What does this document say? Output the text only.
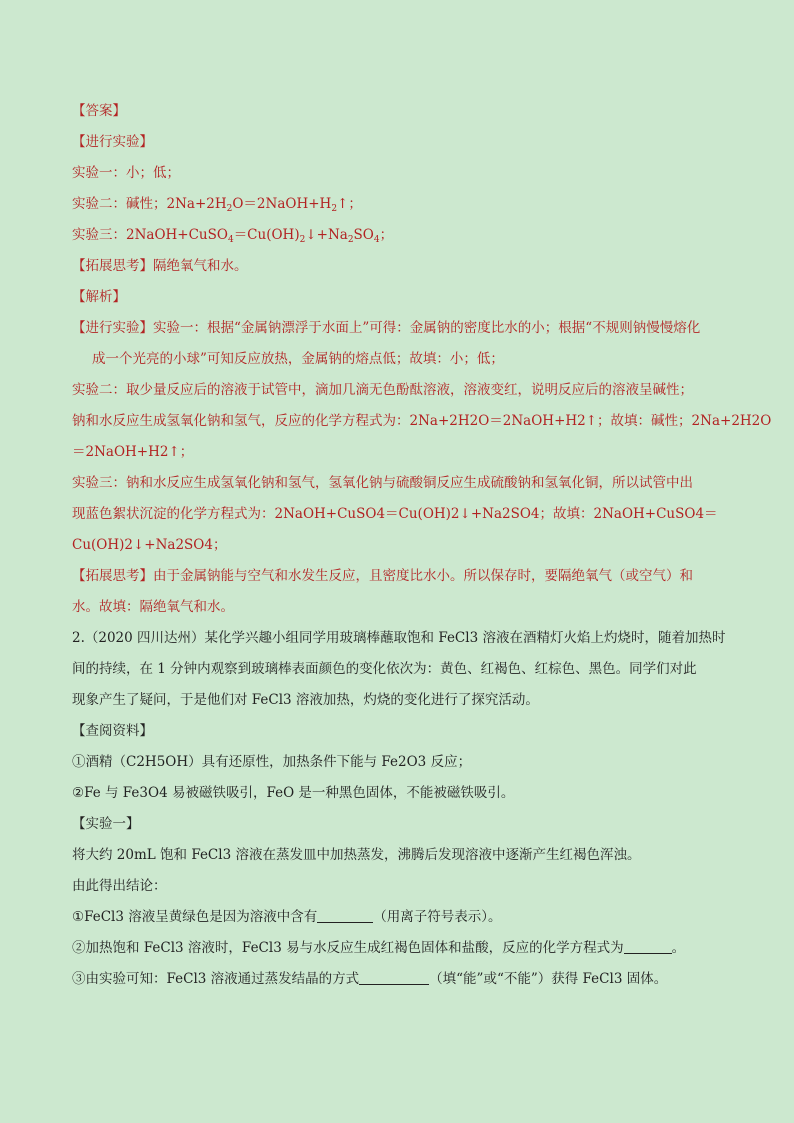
【答案】
【进行实验】
实验一：小；低；
实验二：碱性；$2Na+2H_2O=2NaOH+H_2↑$；
实验三：$2NaOH+CuSO_4=Cu(OH)_2↓+Na_2SO_4$；
【拓展思考】隔绝氧气和水。
【解析】
【进行实验】实验一：根据“金属钠漂浮于水面上”可得：金属钠的密度比水的小；根据“不规则钠慢慢熔化
成一个光亮的小球”可知反应放热，金属钠的熔点低；故填：小；低；
实验二：取少量反应后的溶液于试管中，滴加几滴无色酚酞溶液，溶液变红，说明反应后的溶液呈碱性；
钠和水反应生成氢氧化钠和氢气，反应的化学方程式为：2Na+2H2O＝2NaOH+H2↑；故填：碱性；2Na+2H2O
＝2NaOH+H2↑；
实验三：钠和水反应生成氢氧化钠和氢气，氢氧化钠与硫酸铜反应生成硫酸钠和氢氧化铜，所以试管中出
现蓝色絮状沉淀的化学方程式为：2NaOH+CuSO4＝Cu(OH)2↓+Na2SO4；故填：2NaOH+CuSO4＝
Cu(OH)2↓+Na2SO4；
【拓展思考】由于金属钠能与空气和水发生反应，且密度比水小。所以保存时，要隔绝氧气（或空气）和
水。故填：隔绝氧气和水。
2.（2020 四川达州）某化学兴趣小组同学用玻璃棒蘸取饱和 FeCl3 溶液在酒精灯火焰上灼烧时，随着加热时
间的持续，在 1 分钟内观察到玻璃棒表面颜色的变化依次为：黄色、红褐色、红棕色、黑色。同学们对此
现象产生了疑问，于是他们对 FeCl3 溶液加热，灼烧的变化进行了探究活动。
【查阅资料】
①酒精（C2H5OH）具有还原性，加热条件下能与 Fe2O3 反应；
②Fe 与 Fe3O4 易被磁铁吸引，FeO 是一种黑色固体，不能被磁铁吸引。
【实验一】
将大约 20mL 饱和 FeCl3 溶液在蒸发皿中加热蒸发，沸腾后发现溶液中逐渐产生红褐色浑浊。
由此得出结论：
①FeCl3 溶液呈黄绿色是因为溶液中含有	（用离子符号表示）。
②加热饱和 FeCl3 溶液时，FeCl3 易与水反应生成红褐色固体和盐酸，反应的化学方程式为	。
③由实验可知：FeCl3 溶液通过蒸发结晶的方式	（填“能”或“不能”）获得 FeCl3 固体。
